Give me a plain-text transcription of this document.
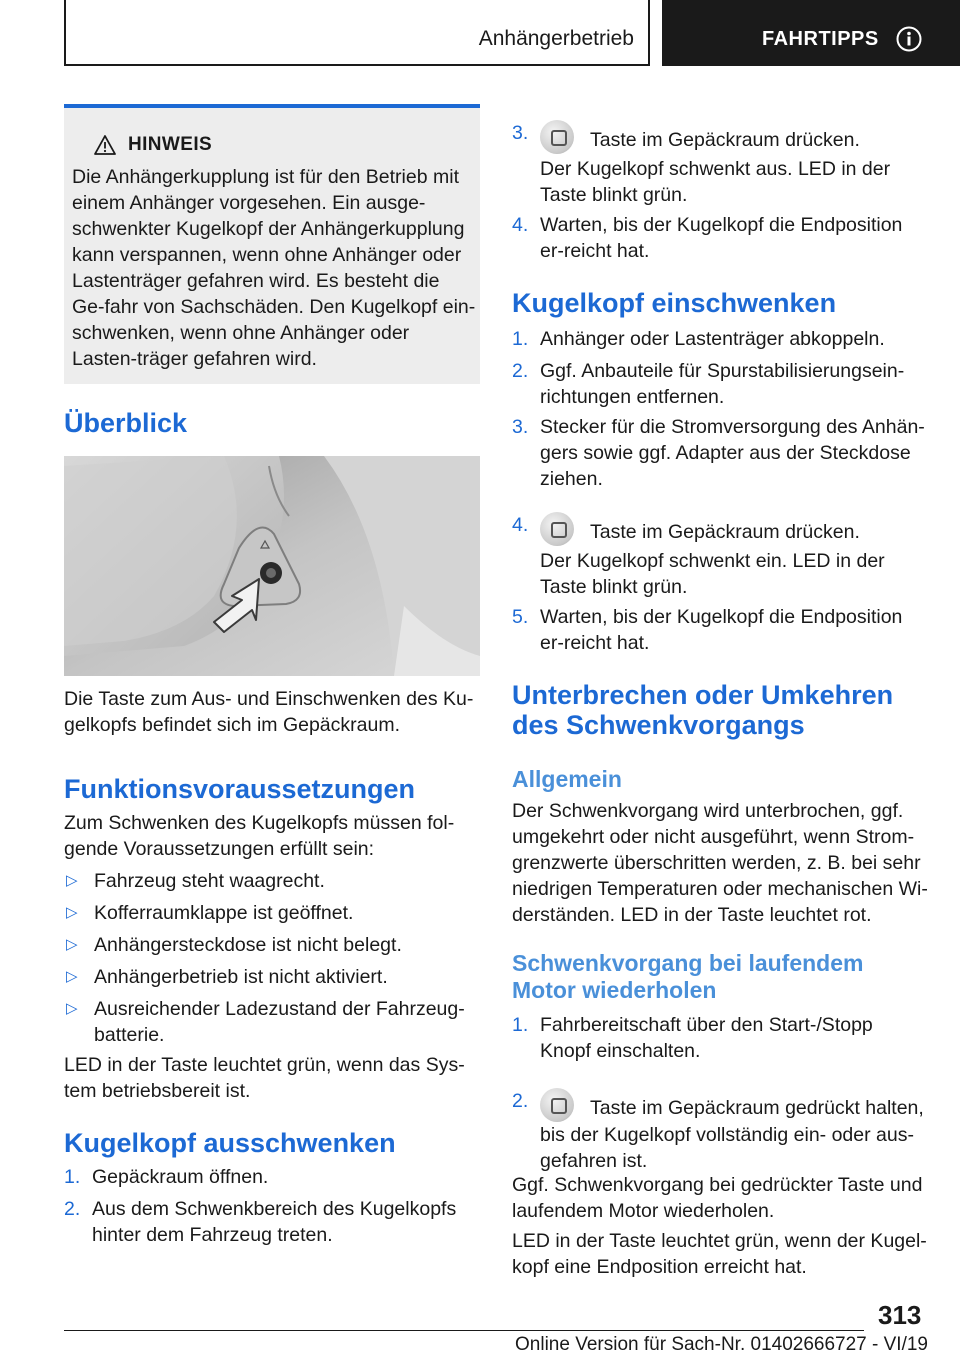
Anhängerbetrieb	FAHRTIPPS
HINWEIS
Die Anhängerkupplung ist für den Betrieb mit einem Anhänger vorgesehen. Ein ausge-schwenkter Kugelkopf der Anhängerkupplung kann verspannen, wenn ohne Anhänger oder Lastenträger gefahren wird. Es besteht die Ge-fahr von Sachschäden. Den Kugelkopf ein-schwenken, wenn ohne Anhänger oder Lasten-träger gefahren wird.
Überblick

Die Taste zum Aus- und Einschwenken des Ku-gelkopfs befindet sich im Gepäckraum.

Funktionsvoraussetzungen

Zum Schwenken des Kugelkopfs müssen fol-gende Voraussetzungen erfüllt sein:

▷ Fahrzeug steht waagrecht.
▷ Kofferraumklappe ist geöffnet.
▷ Anhängersteckdose ist nicht belegt.
▷ Anhängerbetrieb ist nicht aktiviert.
▷ Ausreichender Ladezustand der Fahrzeug-batterie.

LED in der Taste leuchtet grün, wenn das Sys-tem betriebsbereit ist.

Kugelkopf ausschwenken
1. Gepäckraum öffnen.
2. Aus dem Schwenkbereich des Kugelkopfs hinter dem Fahrzeug treten.
3.	Taste im Gepäckraum drücken.

Der Kugelkopf schwenkt aus. LED in der Taste blinkt grün.

4. Warten, bis der Kugelkopf die Endposition er-reicht hat.
Kugelkopf einschwenken
1. Anhänger oder Lastenträger abkoppeln.
2. Ggf. Anbauteile für Spurstabilisierungsein-richtungen entfernen.
3. Stecker für die Stromversorgung des Anhän-gers sowie ggf. Adapter aus der Steckdose ziehen.
4.	Taste im Gepäckraum drücken.

Der Kugelkopf schwenkt ein. LED in der Taste blinkt grün.

5. Warten, bis der Kugelkopf die Endposition er-reicht hat.
Unterbrechen oder Umkehren des Schwenkvorgangs
Allgemein

Der Schwenkvorgang wird unterbrochen, ggf. umgekehrt oder nicht ausgeführt, wenn Strom-grenzwerte überschritten werden, z. B. bei sehr niedrigen Temperaturen oder mechanischen Wi-derständen. LED in der Taste leuchtet rot.

Schwenkvorgang bei laufendem Motor wiederholen
1. Fahrbereitschaft über den Start-/Stopp Knopf einschalten.
2.	Taste im Gepäckraum gedrückt halten, bis der Kugelkopf vollständig ein- oder aus-gefahren ist.

Ggf. Schwenkvorgang bei gedrückter Taste und laufendem Motor wiederholen.

LED in der Taste leuchtet grün, wenn der Kugel-kopf eine Endposition erreicht hat.

313
Online Version für Sach-Nr. 01402666727 - VI/19
